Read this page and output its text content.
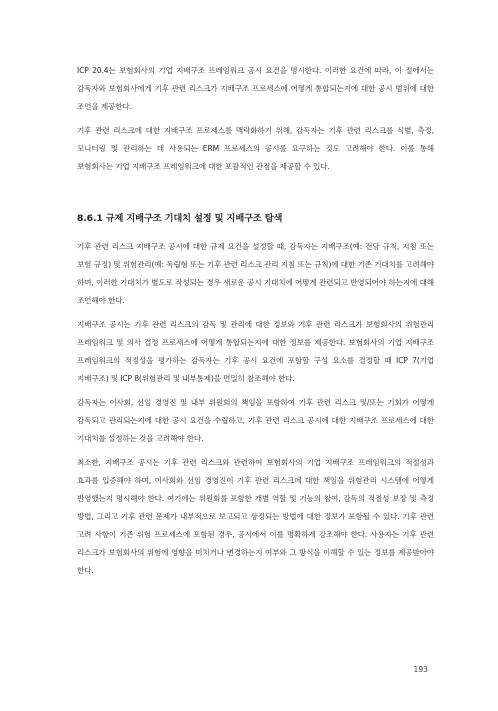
ICP 20.4는 보험회사의 기업 지배구조 프레임워크 공시 요건을 명시한다. 이러한 요건에 따라, 이 절에서는 감독자와 보험회사에게 기후 관련 리스크가 지배구조 프로세스에 어떻게 통합되는지에 대한 공시 범위에 대한 조언을 제공한다.

기후 관련 리스크에 대한 지배구조 프로세스를 맥락화하기 위해, 감독자는 기후 관련 리스크를 식별, 측정, 모니터링 및 관리하는 데 사용되는 ERM 프로세스의 공시를 요구하는 것도 고려해야 한다. 이를 통해 보험회사는 기업 지배구조 프레임워크에 대한 포괄적인 관점을 제공할 수 있다.

8.6.1 규제 지배구조 기대치 설정 및 지배구조 탐색

기후 관련 리스크 지배구조 공시에 대한 규제 요건을 설정할 때, 감독자는 지배구조(예: 전담 규칙, 지침 또는 보험 규정) 및 위험관리(예: 독립형 또는 기후 관련 리스크 관리 지침 또는 규칙)에 대한 기존 기대치를 고려해야 하며, 이러한 기대치가 별도로 작성되는 경우 새로운 공시 기대치에 어떻게 관련되고 반영되어야 하는지에 대해 조언해야 한다.

지배구조 공시는 기후 관련 리스크의 감독 및 관리에 대한 정보와 기후 관련 리스크가 보험회사의 위험관리 프레임워크 및 의사 결정 프로세스에 어떻게 통합되는지에 대한 정보를 제공한다. 보험회사의 기업 지배구조 프레임워크의 적정성을 평가하는 감독자는 기후 공시 요건에 포함할 구성 요소를 결정할 때 ICP 7(기업 지배구조) 및 ICP 8(위험관리 및 내부통제)을 면밀히 참조해야 한다.

감독자는 이사회, 선임 경영진 및 내부 위원회의 책임을 포함하여 기후 관련 리스크 및/또는 기회가 어떻게 감독되고 관리되는지에 대한 공시 요건을 수립하고, 기후 관련 리스크 공시에 대한 지배구조 프로세스에 대한 기대치를 설정하는 것을 고려해야 한다.

최소한, 지배구조 공시는 기후 관련 리스크와 관련하여 보험회사의 기업 지배구조 프레임워크의 적절성과 효과를 입증해야 하며, 이사회와 선임 경영진이 기후 관련 리스크에 대한 책임을 위험관리 시스템에 어떻게 반영했는지 명시해야 한다. 여기에는 위원회를 포함한 개별 역할 및 기능의 참여, 감독의 적절성 보장 및 측정 방법, 그리고 기후 관련 문제가 내부적으로 보고되고 상정되는 방법에 대한 정보가 포함될 수 있다. 기후 관련 고려 사항이 기존 위험 프로세스에 포함된 경우, 공시에서 이를 명확하게 강조해야 한다. 사용자는 기후 관련 리스크가 보험회사의 위험에 영향을 미치거나 변경하는지 여부와 그 방식을 이해할 수 있는 정보를 제공받아야 한다.

193
